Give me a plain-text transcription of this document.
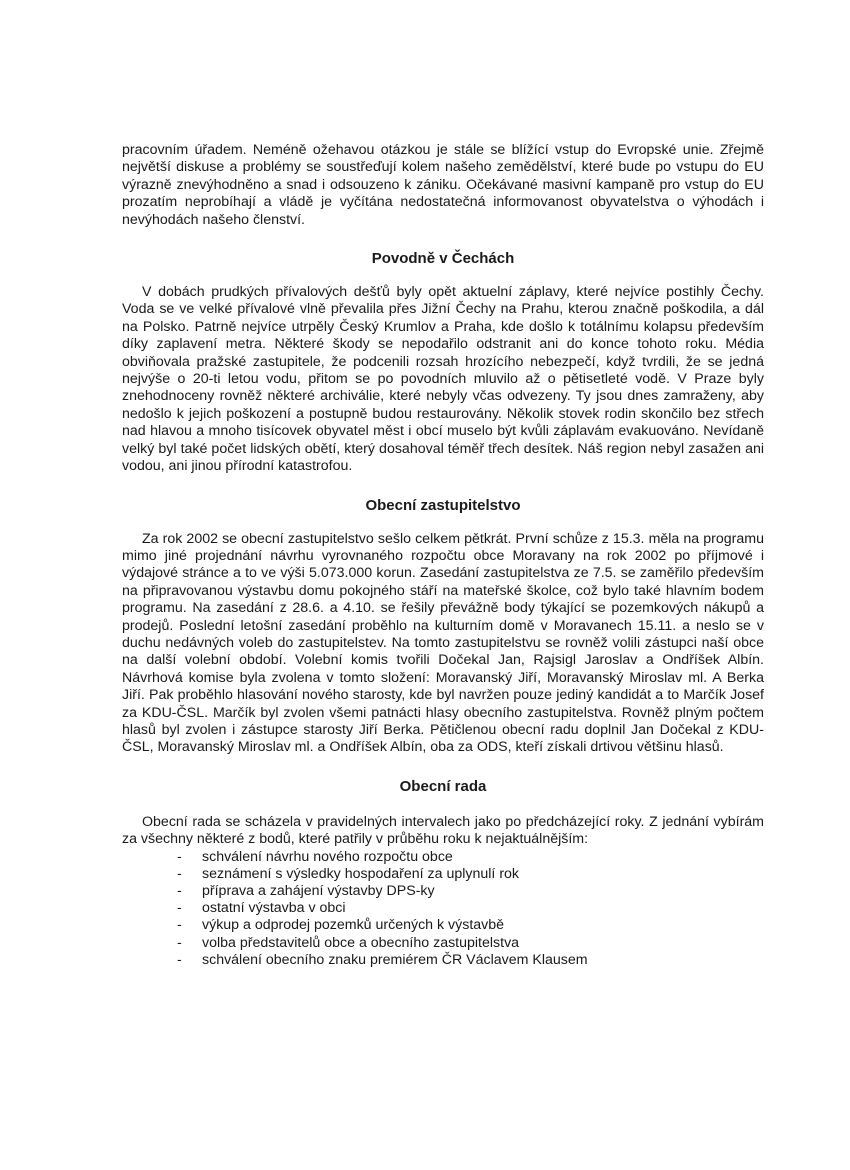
pracovním úřadem. Neméně ožehavou otázkou je stále se blížící vstup do Evropské unie. Zřejmě největší diskuse a problémy se soustřeďují kolem našeho zemědělství, které bude po vstupu do EU výrazně znevýhodněno a snad i odsouzeno k zániku. Očekávané masivní kampaně pro vstup do EU prozatím neprobíhají a vládě je vyčítána nedostatečná informovanost obyvatelstva o výhodách i nevýhodách našeho členství.

Povodně v Čechách

V dobách prudkých přívalových dešťů byly opět aktuelní záplavy, které nejvíce postihly Čechy. Voda se ve velké přívalové vlně převalila přes Jižní Čechy na Prahu, kterou značně poškodila, a dál na Polsko. Patrně nejvíce utrpěly Český Krumlov a Praha, kde došlo k totálnímu kolapsu především díky zaplavení metra. Některé škody se nepodařilo odstranit ani do konce tohoto roku. Média obviňovala pražské zastupitele, že podcenili rozsah hrozícího nebezpečí, když tvrdili, že se jedná nejvýše o 20-ti letou vodu, přitom se po povodních mluvilo až o pětisetleté vodě. V Praze byly znehodnoceny rovněž některé archiválie, které nebyly včas odvezeny. Ty jsou dnes zamraženy, aby nedošlo k jejich poškození a postupně budou restaurovány. Několik stovek rodin skončilo bez střech nad hlavou a mnoho tisícovek obyvatel měst i obcí muselo být kvůli záplavám evakuováno. Nevídaně velký byl také počet lidských obětí, který dosahoval téměř třech desítek. Náš region nebyl zasažen ani vodou, ani jinou přírodní katastrofou.

Obecní zastupitelstvo

Za rok 2002 se obecní zastupitelstvo sešlo celkem pětkrát. První schůze z 15.3. měla na programu mimo jiné projednání návrhu vyrovnaného rozpočtu obce Moravany na rok 2002 po příjmové i výdajové stránce a to ve výši 5.073.000 korun. Zasedání zastupitelstva ze 7.5. se zaměřilo především na připravovanou výstavbu domu pokojného stáří na mateřské školce, což bylo také hlavním bodem programu. Na zasedání z 28.6. a 4.10. se řešily převážně body týkající se pozemkových nákupů a prodejů. Poslední letošní zasedání proběhlo na kulturním domě v Moravanech 15.11. a neslo se v duchu nedávných voleb do zastupitelstev. Na tomto zastupitelstvu se rovněž volili zástupci naší obce na další volební období. Volební komis tvořili Dočekal Jan, Rajsigl Jaroslav a Ondříšek Albín. Návrhová komise byla zvolena v tomto složení: Moravanský Jiří, Moravanský Miroslav ml. A Berka Jiří. Pak proběhlo hlasování nového starosty, kde byl navržen pouze jediný kandidát a to Marčík Josef za KDU-ČSL. Marčík byl zvolen všemi patnácti hlasy obecního zastupitelstva. Rovněž plným počtem hlasů byl zvolen i zástupce starosty Jiří Berka. Pětičlenou obecní radu doplnil Jan Dočekal z KDU-ČSL, Moravanský Miroslav ml. a Ondříšek Albín, oba za ODS, kteří získali drtivou většinu hlasů.

Obecní rada

Obecní rada se scházela v pravidelných intervalech jako po předcházející roky. Z jednání vybírám za všechny některé z bodů, které patřily v průběhu roku k nejaktuálnějším:

- schválení návrhu nového rozpočtu obce
- seznámení s výsledky hospodaření za uplynulí rok
- příprava a zahájení výstavby DPS-ky
- ostatní výstavba v obci
- výkup a odprodej pozemků určených k výstavbě
- volba představitelů obce a obecního zastupitelstva
- schválení obecního znaku premiérem ČR Václavem Klausem
